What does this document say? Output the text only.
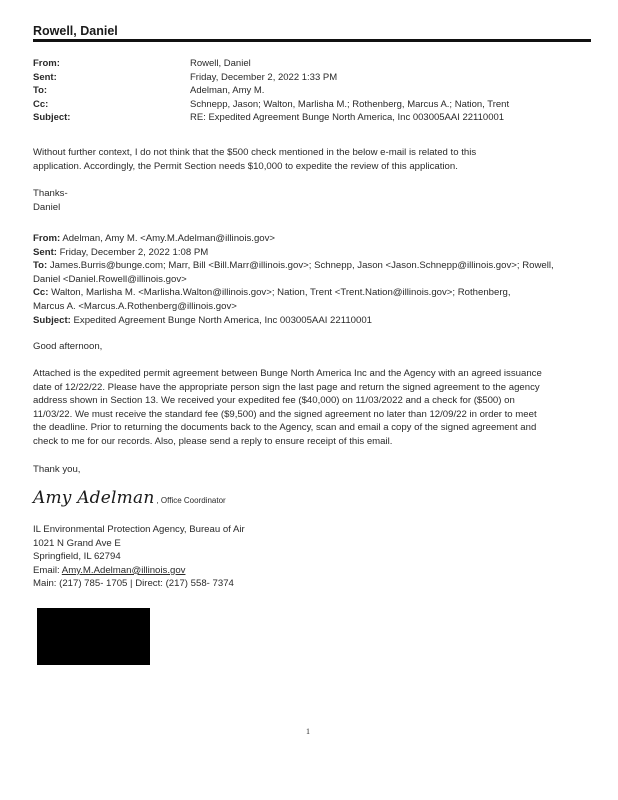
Rowell, Daniel
From:	Rowell, Daniel
Sent:	Friday, December 2, 2022 1:33 PM
To:	Adelman, Amy M.
Cc:	Schnepp, Jason; Walton, Marlisha M.; Rothenberg, Marcus A.; Nation, Trent
Subject:	RE: Expedited Agreement Bunge North America, Inc 003005AAI 22110001

Without further context, I do not think that the $500 check mentioned in the below e-mail is related to this

application. Accordingly, the Permit Section needs $10,000 to expedite the review of this application.

Thanks-

Daniel

From: Adelman, Amy M. <Amy.M.Adelman@illinois.gov>

Sent: Friday, December 2, 2022 1:08 PM

To: James.Burris@bunge.com; Marr, Bill <Bill.Marr@illinois.gov>; Schnepp, Jason <Jason.Schnepp@illinois.gov>; Rowell,

Daniel <Daniel.Rowell@illinois.gov>

Cc: Walton, Marlisha M. <Marlisha.Walton@illinois.gov>; Nation, Trent <Trent.Nation@illinois.gov>; Rothenberg,

Marcus A. <Marcus.A.Rothenberg@illinois.gov>

Subject: Expedited Agreement Bunge North America, Inc 003005AAI 22110001

Good afternoon,

Attached is the expedited permit agreement between Bunge North America Inc and the Agency with an agreed issuance

date of 12/22/22. Please have the appropriate person sign the last page and return the signed agreement to the agency

address shown in Section 13. We received your expedited fee ($40,000) on 11/03/2022 and a check for ($500) on

11/03/22. We must receive the standard fee ($9,500) and the signed agreement no later than 12/09/22 in order to meet

the deadline. Prior to returning the documents back to the Agency, scan and email a copy of the signed agreement and

check to me for our records. Also, please send a reply to ensure receipt of this email.

Thank you,

Amy Adelman , Office Coordinator

IL Environmental Protection Agency, Bureau of Air

1021 N Grand Ave E

Springfield, IL 62794

Email: Amy.M.Adelman@illinois.gov

Main: (217) 785- 1705 | Direct: (217) 558- 7374

1
